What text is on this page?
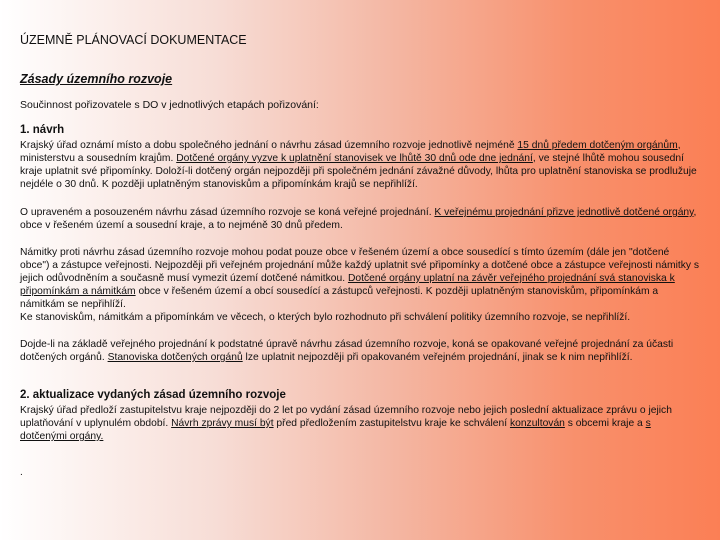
ÚZEMNĚ PLÁNOVACÍ DOKUMENTACE
Zásady územního rozvoje
Součinnost pořizovatele s DO v jednotlivých etapách pořizování:
1. návrh
Krajský úřad oznámí místo a dobu společného jednání o návrhu zásad územního rozvoje jednotlivě nejméně 15 dnů předem dotčeným orgánům, ministerstvu a sousedním krajům. Dotčené orgány vyzve k uplatnění stanovisek ve lhůtě 30 dnů ode dne jednání, ve stejné lhůtě mohou sousední kraje uplatnit své připomínky. Doloží-li dotčený orgán nejpozději při společném jednání závažné důvody, lhůta pro uplatnění stanoviska se prodlužuje nejdéle o 30 dnů. K později uplatněným stanoviskům a připomínkám krajů se nepřihlíží.
O upraveném a posouzeném návrhu zásad územního rozvoje se koná veřejné projednání. K veřejnému projednání přizve jednotlivě dotčené orgány, obce v řešeném území a sousední kraje, a to nejméně 30 dnů předem.
Námitky proti návrhu zásad územního rozvoje mohou podat pouze obce v řešeném území a obce sousedící s tímto územím (dále jen "dotčené obce") a zástupce veřejnosti. Nejpozději při veřejném projednání může každý uplatnit své připomínky a dotčené obce a zástupce veřejnosti námitky s jejich odůvodněním a současně musí vymezit území dotčené námitkou. Dotčené orgány uplatní na závěr veřejného projednání svá stanoviska k připomínkám a námitkám obce v řešeném území a obcí sousedící a zástupců veřejnosti. K později uplatněným stanoviskům, připomínkám a námitkám se nepřihlíží.
Ke stanoviskům, námitkám a připomínkám ve věcech, o kterých bylo rozhodnuto při schválení politiky územního rozvoje, se nepřihlíží.
Dojde-li na základě veřejného projednání k podstatné úpravě návrhu zásad územního rozvoje, koná se opakované veřejné projednání za účasti dotčených orgánů. Stanoviska dotčených orgánů lze uplatnit nejpozději při opakovaném veřejném projednání, jinak se k nim nepřihlíží.
2. aktualizace vydaných zásad územního rozvoje
Krajský úřad předloží zastupitelstvu kraje nejpozději do 2 let po vydání zásad územního rozvoje nebo jejich poslední aktualizace zprávu o jejich uplatňování v uplynulém období. Návrh zprávy musí být před předložením zastupitelstvu kraje ke schválení konzultován s obcemi kraje a s dotčenými orgány.
.
